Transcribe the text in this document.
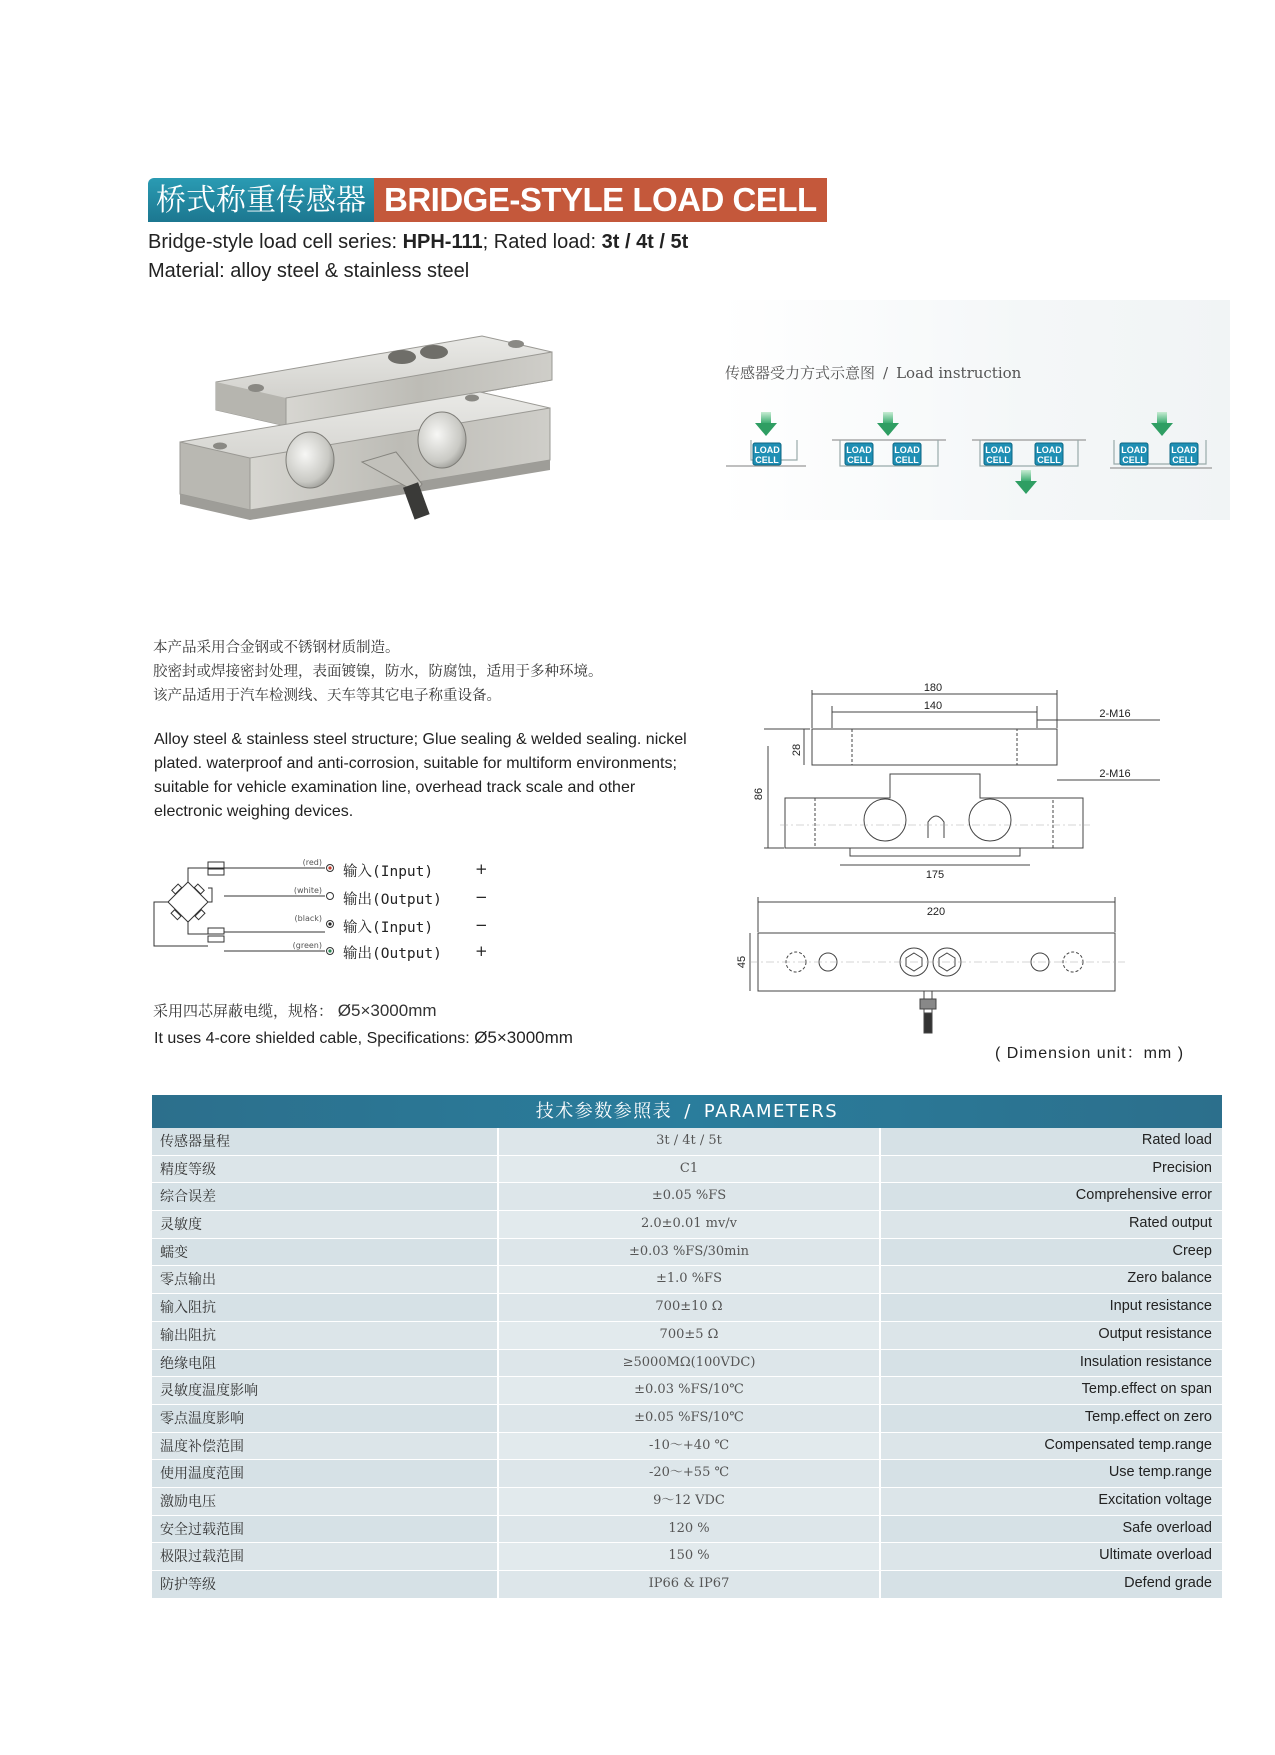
桥式称重传感器 BRIDGE-STYLE LOAD CELL
Bridge-style load cell series: HPH-111; Rated load: 3t / 4t / 5t
Material: alloy steel & stainless steel
传感器受力方式示意图 / Load instruction
LOAD
CELL
LOAD
CELL
LOAD
CELL
LOAD
CELL
LOAD
CELL
LOAD
CELL
LOAD
CELL
本产品采用合金钢或不锈钢材质制造。
胶密封或焊接密封处理，表面镀镍，防水，防腐蚀，适用于多种环境。
该产品适用于汽车检测线、天车等其它电子称重设备。
Alloy steel & stainless steel structure; Glue sealing & welded sealing. nickel plated. waterproof and anti-corrosion, suitable for multiform environments; suitable for vehicle examination line, overhead track scale and other electronic weighing devices.
(red)
(white)
(black)
(green)
输入(Input)
输出(Output)
输入(Input)
输出(Output)
+
−
−
+
采用四芯屏蔽电缆，规格： Ø5×3000mm
It uses 4-core shielded cable, Specifications: Ø5×3000mm
180
140
2-M16
28
86
2-M16
175
220
45
( Dimension unit：mm )
技术参数参照表 / PARAMETERS
传感器量程	3t / 4t / 5t	Rated load
精度等级	C1	Precision
综合误差	±0.05 %FS	Comprehensive error
灵敏度	2.0±0.01 mv/v	Rated output
蠕变	±0.03 %FS/30min	Creep
零点输出	±1.0 %FS	Zero balance
输入阻抗	700±10 Ω	Input resistance
输出阻抗	700±5 Ω	Output resistance
绝缘电阻	≥5000MΩ(100VDC)	Insulation resistance
灵敏度温度影响	±0.03 %FS/10℃	Temp.effect on span
零点温度影响	±0.05 %FS/10℃	Temp.effect on zero
温度补偿范围	-10～+40 ℃	Compensated temp.range
使用温度范围	-20～+55 ℃	Use temp.range
激励电压	9～12 VDC	Excitation voltage
安全过载范围	120 %	Safe overload
极限过载范围	150 %	Ultimate overload
防护等级	IP66 & IP67	Defend grade
